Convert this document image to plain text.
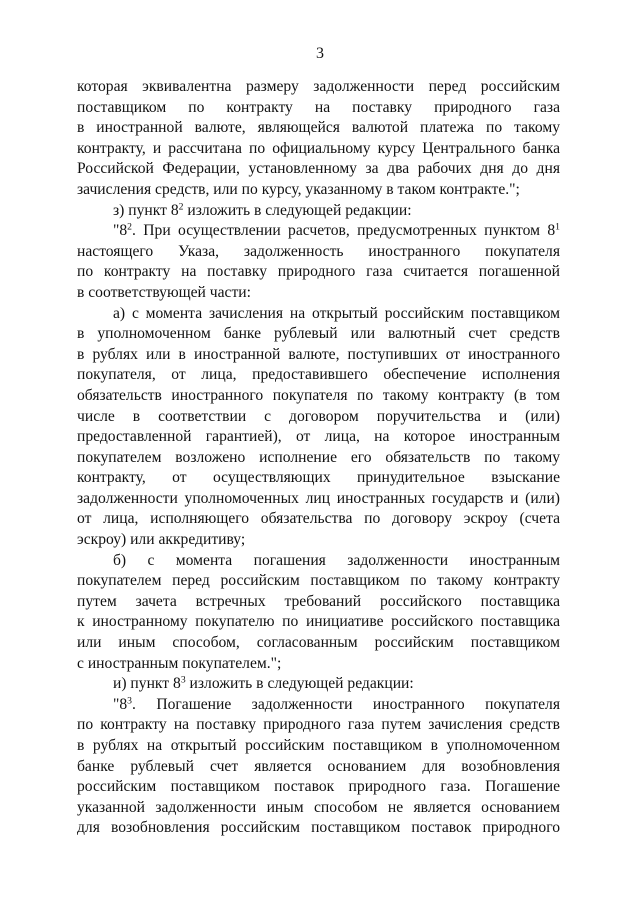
3
которая эквивалентна размеру задолженности перед российским
поставщиком по контракту на поставку природного газа
в иностранной валюте, являющейся валютой платежа по такому
контракту, и рассчитана по официальному курсу Центрального банка
Российской Федерации, установленному за два рабочих дня до дня
зачисления средств, или по курсу, указанному в таком контракте.";
з) пункт $8^2$ изложить в следующей редакции:
"$8^2$. При осуществлении расчетов, предусмотренных пунктом $8^1$
настоящего Указа, задолженность иностранного покупателя
по контракту на поставку природного газа считается погашенной
в соответствующей части:
а) с момента зачисления на открытый российским поставщиком
в уполномоченном банке рублевый или валютный счет средств
в рублях или в иностранной валюте, поступивших от иностранного
покупателя, от лица, предоставившего обеспечение исполнения
обязательств иностранного покупателя по такому контракту (в том
числе в соответствии с договором поручительства и (или)
предоставленной гарантией), от лица, на которое иностранным
покупателем возложено исполнение его обязательств по такому
контракту, от осуществляющих принудительное взыскание
задолженности уполномоченных лиц иностранных государств и (или)
от лица, исполняющего обязательства по договору эскроу (счета
эскроу) или аккредитиву;
б) с момента погашения задолженности иностранным
покупателем перед российским поставщиком по такому контракту
путем зачета встречных требований российского поставщика
к иностранному покупателю по инициативе российского поставщика
или иным способом, согласованным российским поставщиком
с иностранным покупателем.";
и) пункт $8^3$ изложить в следующей редакции:
"$8^3$. Погашение задолженности иностранного покупателя
по контракту на поставку природного газа путем зачисления средств
в рублях на открытый российским поставщиком в уполномоченном
банке рублевый счет является основанием для возобновления
российским поставщиком поставок природного газа. Погашение
указанной задолженности иным способом не является основанием
для возобновления российским поставщиком поставок природного
